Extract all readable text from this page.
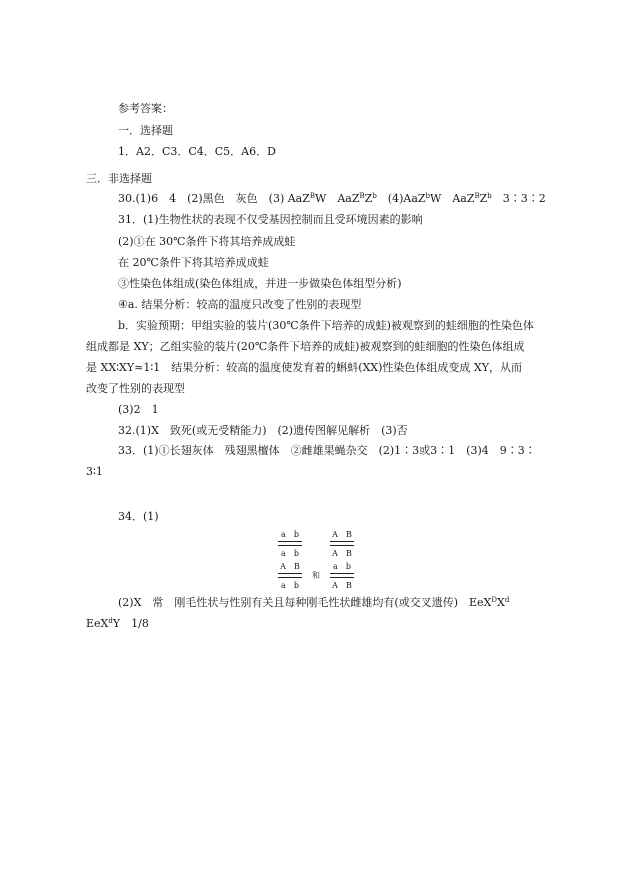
参考答案：
一．选择题
1．A2．C3．C4．C5．A6．D
三．非选择题
30.(1)6　4　(2)黑色　灰色　(3) AaZ$^B$W　$AaZ^BZ^b$　(4)AaZ$^b$W　$AaZ^BZ^b$　3∶3∶2
31．(1)生物性状的表现不仅受基因控制而且受环境因素的影响
(2)①在 30℃条件下将其培养成成蛙
在 20℃条件下将其培养成成蛙
③性染色体组成(染色体组成，并进一步做染色体组型分析)
④a. 结果分析：较高的温度只改变了性别的表现型
b．实验预期：甲组实验的装片(30℃条件下培养的成蛙)被观察到的蛙细胞的性染色体
组成都是 XY；乙组实验的装片(20℃条件下培养的成蛙)被观察到的蛙细胞的性染色体组成
是 XX∶XY≈1∶1　结果分析：较高的温度使发育着的蝌蚪(XX)性染色体组成变成 XY，从而
改变了性别的表现型
(3)2　1
32.(1)X　致死(或无受精能力)　(2)遗传图解见解析　(3)否
33．(1)①长翅灰体　残翅黑檀体　②雌雄果蝇杂交　(2)1∶3或3∶1　(3)4　9∶3∶
3∶1
34．(1)
a　b
a　b
A　B
A　B
A　B
a　b
和
a　b
A　B
(2)X　常　刚毛性状与性别有关且每种刚毛性状雌雄均有(或交叉遗传)　$EeX^DX^d$
EeX$^d$Y　1/8
